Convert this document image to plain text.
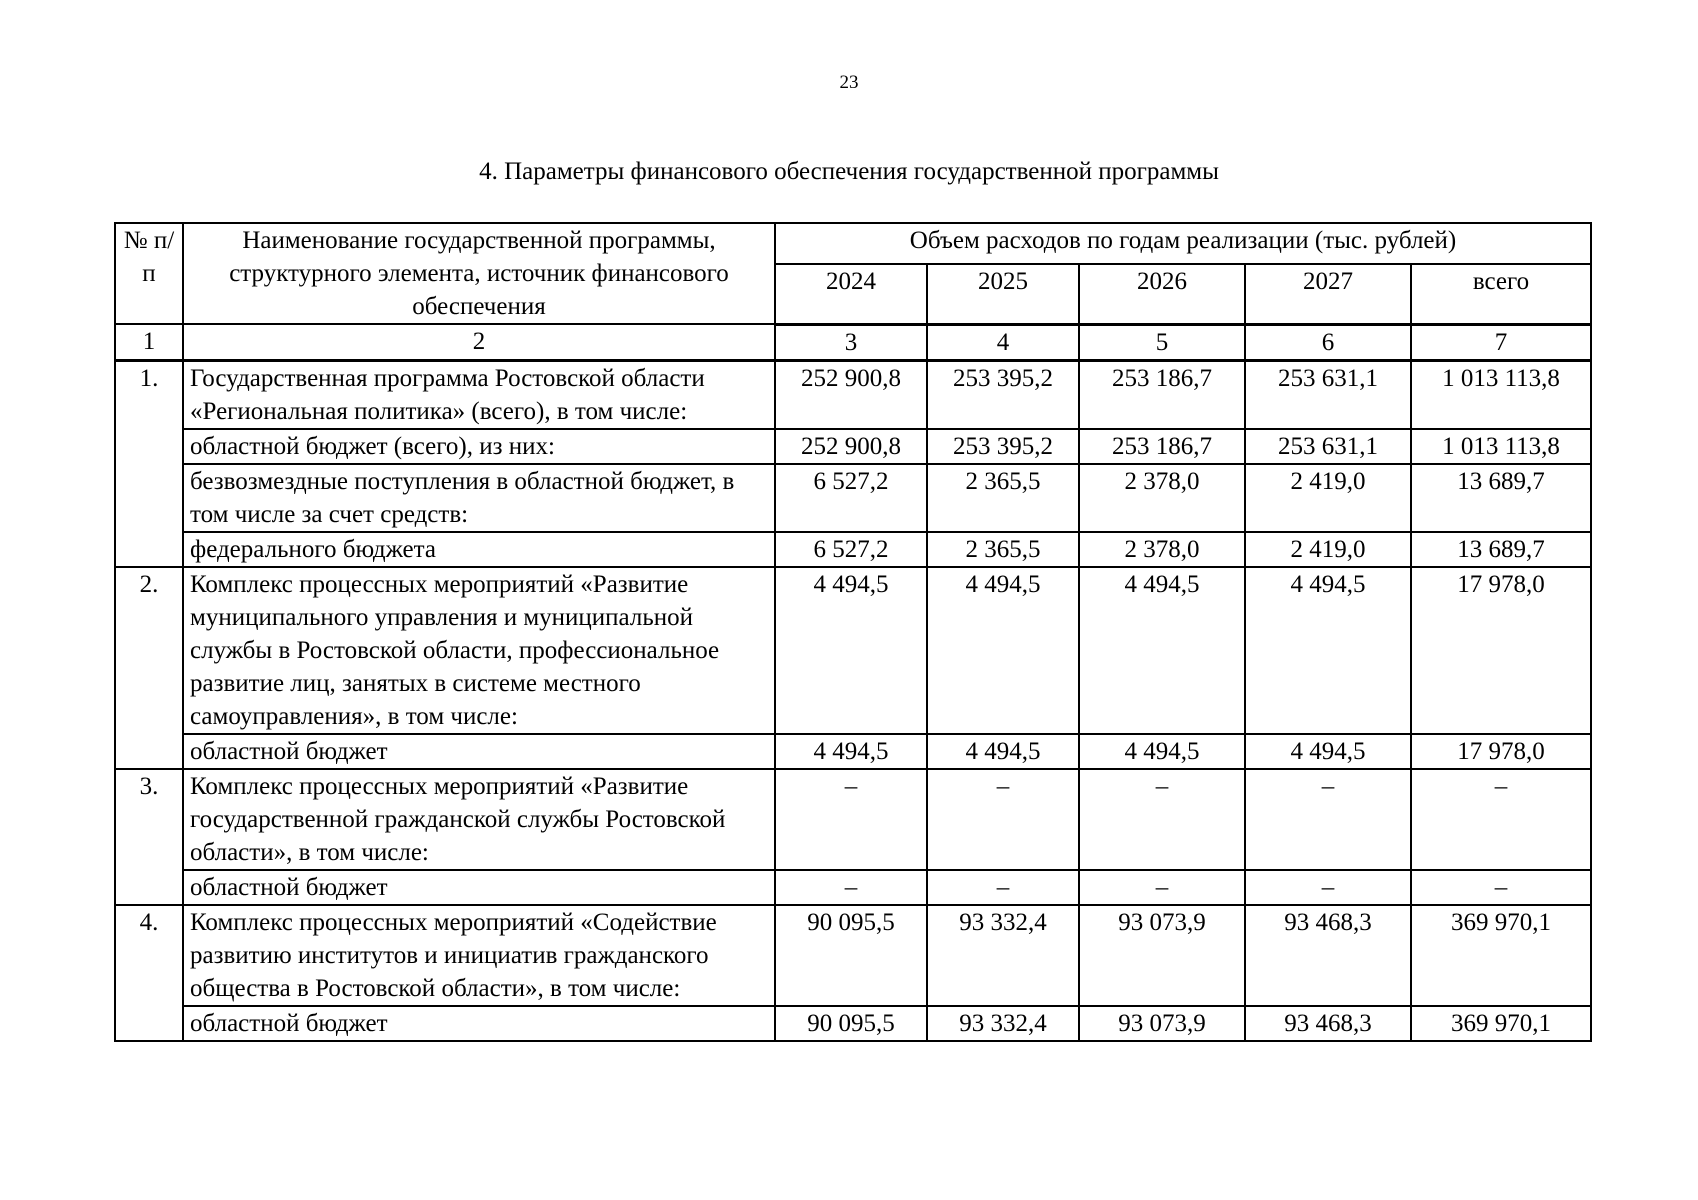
23
4. Параметры финансового обеспечения государственной программы
№ п/п	Наименование государственной программы, структурного элемента, источник финансового обеспечения	Объем расходов по годам реализации (тыс. рублей)				
		2024	2025	2026	2027	всего
1	2	3	4	5	6	7
1.	Государственная программа Ростовской области «Региональная политика» (всего), в том числе:	252 900,8	253 395,2	253 186,7	253 631,1	1 013 113,8
	областной бюджет (всего), из них:	252 900,8	253 395,2	253 186,7	253 631,1	1 013 113,8
	безвозмездные поступления в областной бюджет, в том числе за счет средств:	6 527,2	2 365,5	2 378,0	2 419,0	13 689,7
	федерального бюджета	6 527,2	2 365,5	2 378,0	2 419,0	13 689,7
2.	Комплекс процессных мероприятий «Развитие муниципального управления и муниципальной службы в Ростовской области, профессиональное развитие лиц, занятых в системе местного самоуправления», в том числе:	4 494,5	4 494,5	4 494,5	4 494,5	17 978,0
	областной бюджет	4 494,5	4 494,5	4 494,5	4 494,5	17 978,0
3.	Комплекс процессных мероприятий «Развитие государственной гражданской службы Ростовской области», в том числе:	–	–	–	–	–
	областной бюджет	–	–	–	–	–
4.	Комплекс процессных мероприятий «Содействие развитию институтов и инициатив гражданского общества в Ростовской области», в том числе:	90 095,5	93 332,4	93 073,9	93 468,3	369 970,1
	областной бюджет	90 095,5	93 332,4	93 073,9	93 468,3	369 970,1
